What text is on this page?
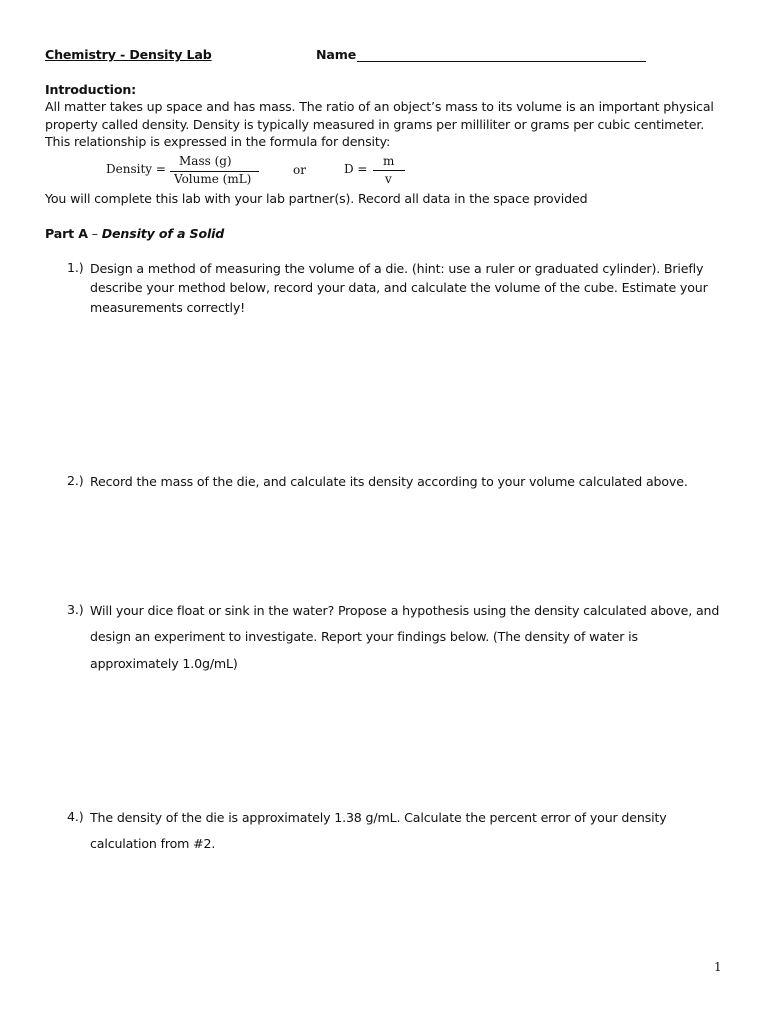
Chemistry - Density Lab	Name
Introduction:
All matter takes up space and has mass. The ratio of an object’s mass to its volume is an important physical
property called density. Density is typically measured in grams per milliliter or grams per cubic centimeter.
This relationship is expressed in the formula for density:
Density =
Mass (g)
Volume (mL)
or	D =
m
v
You will complete this lab with your lab partner(s). Record all data in the space provided
Part A – Density of a Solid
1.) Design a method of measuring the volume of a die. (hint: use a ruler or graduated cylinder). Briefly
describe your method below, record your data, and calculate the volume of the cube. Estimate your
measurements correctly!
2.) Record the mass of the die, and calculate its density according to your volume calculated above.
3.) Will your dice float or sink in the water? Propose a hypothesis using the density calculated above, and
design an experiment to investigate. Report your findings below. (The density of water is
approximately 1.0g/mL)
4.) The density of the die is approximately 1.38 g/mL. Calculate the percent error of your density
calculation from #2.
1
